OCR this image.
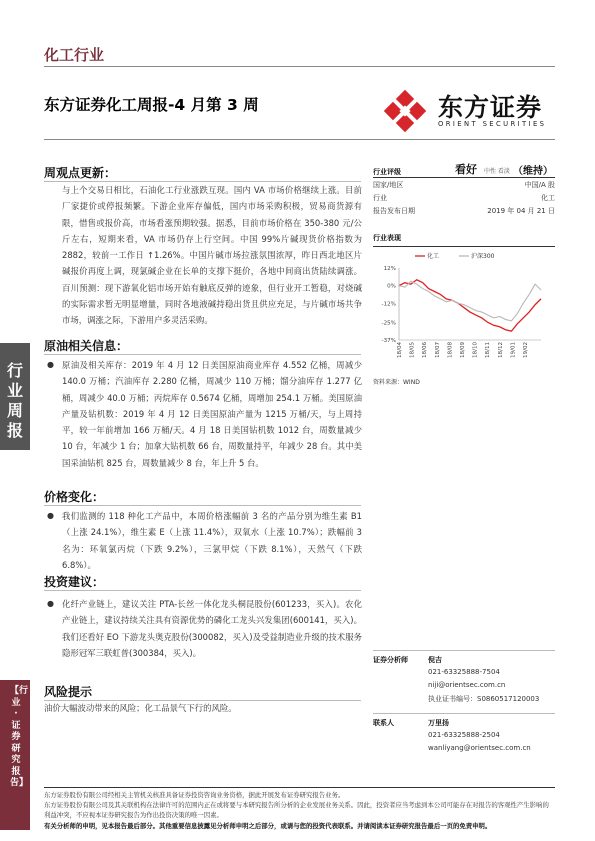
化工行业
东方证券化工周报-4 月第 3 周	东方证券
ORIENT SECURITIES
行业周报
【行业·证券研究报告】
周观点更新：
与上个交易日相比，石油化工行业涨跌互现。国内 VA 市场价格继续上涨。目前厂家捷价或停报频繁。下游企业库存偏低，国内市场采购积极，贸易商货源有限，惜售或报价高，市场看涨预期较强。据悉，目前市场价格在 350-380 元/公斤左右，短期来看，VA 市场仍存上行空间。中国 99%片碱现货价格指数为 2882，较前一工作日 ↑1.26%。中国片碱市场拉涨氛围浓厚，昨日西北地区片碱报价再度上调，现氯碱企业在长单的支撑下挺价，各地中间商出货陆续调涨。百川预测：现下游氧化铝市场开始有触底反弹的迹象，但行业开工暂稳，对烧碱的实际需求暂无明显增量，同时各地液碱持稳出货且供应充足，与片碱市场共争市场，调涨之际，下游用户多灵活采购。
原油相关信息：
● 原油及相关库存：2019 年 4 月 12 日美国原油商业库存 4.552 亿桶，周减少 140.0 万桶；汽油库存 2.280 亿桶，周减少 110 万桶；馏分油库存 1.277 亿桶，周减少 40.0 万桶；丙烷库存 0.5674 亿桶，周增加 254.1 万桶。美国原油产量及钻机数：2019 年 4 月 12 日美国原油产量为 1215 万桶/天，与上周持平，较一年前增加 166 万桶/天。4 月 18 日美国钻机数 1012 台，周数量减少 10 台，年减少 1 台；加拿大钻机数 66 台，周数量持平，年减少 28 台。其中美国采油钻机 825 台，周数量减少 8 台，年上升 5 台。
价格变化：
● 我们监测的 118 种化工产品中，本周价格涨幅前 3 名的产品分别为维生素 B1（上涨 24.1%），维生素 E（上涨 11.4%），双氧水（上涨 10.7%）；跌幅前 3 名为：环氧氯丙烷（下跌 9.2%），三氯甲烷（下跌 8.1%），天然气（下跌 6.8%）。
投资建议：
● 化纤产业链上，建议关注 PTA-长丝一体化龙头桐昆股份(601233，买入)。农化产业链上，建议持续关注具有资源优势的磷化工龙头兴发集团(600141，买入)。我们还看好 EO 下游龙头奥克股份(300082，买入)及受益制造业升级的技术服务隐形冠军三联虹普(300384，买入)。
风险提示
油价大幅波动带来的风险；化工品景气下行的风险。
行业评级	看好 中性 看淡 （维持）
国家/地区	中国/A 股
行业	化工
报告发布日期	2019 年 04 月 21 日
行业表现
12%
0%
-12%
-25%
-37%
18/04 18/05 18/06 18/07 18/08 18/09 18/10 18/11 18/12 19/01 19/02
化工	沪深300
资料来源：WIND
证券分析师	倪吉
021-63325888-7504
niji@orientsec.com.cn
执业证书编号：S0860517120003
联系人	万里扬
021-63325888-2504
wanliyang@orientsec.com.cn
东方证券股份有限公司经相关主管机关核准具备证券投资咨询业务资格，据此开展发布证券研究报告业务。
东方证券股份有限公司及其关联机构在法律许可的范围内正在或将要与本研究报告所分析的企业发展业务关系。因此，投资者应当考虑到本公司可能存在对报告的客观性产生影响的利益冲突，不应视本证券研究报告为作出投资决策的唯一因素。
有关分析师的申明，见本报告最后部分。其他重要信息披露见分析师申明之后部分，或请与您的投资代表联系。并请阅读本证券研究报告最后一页的免责申明。
